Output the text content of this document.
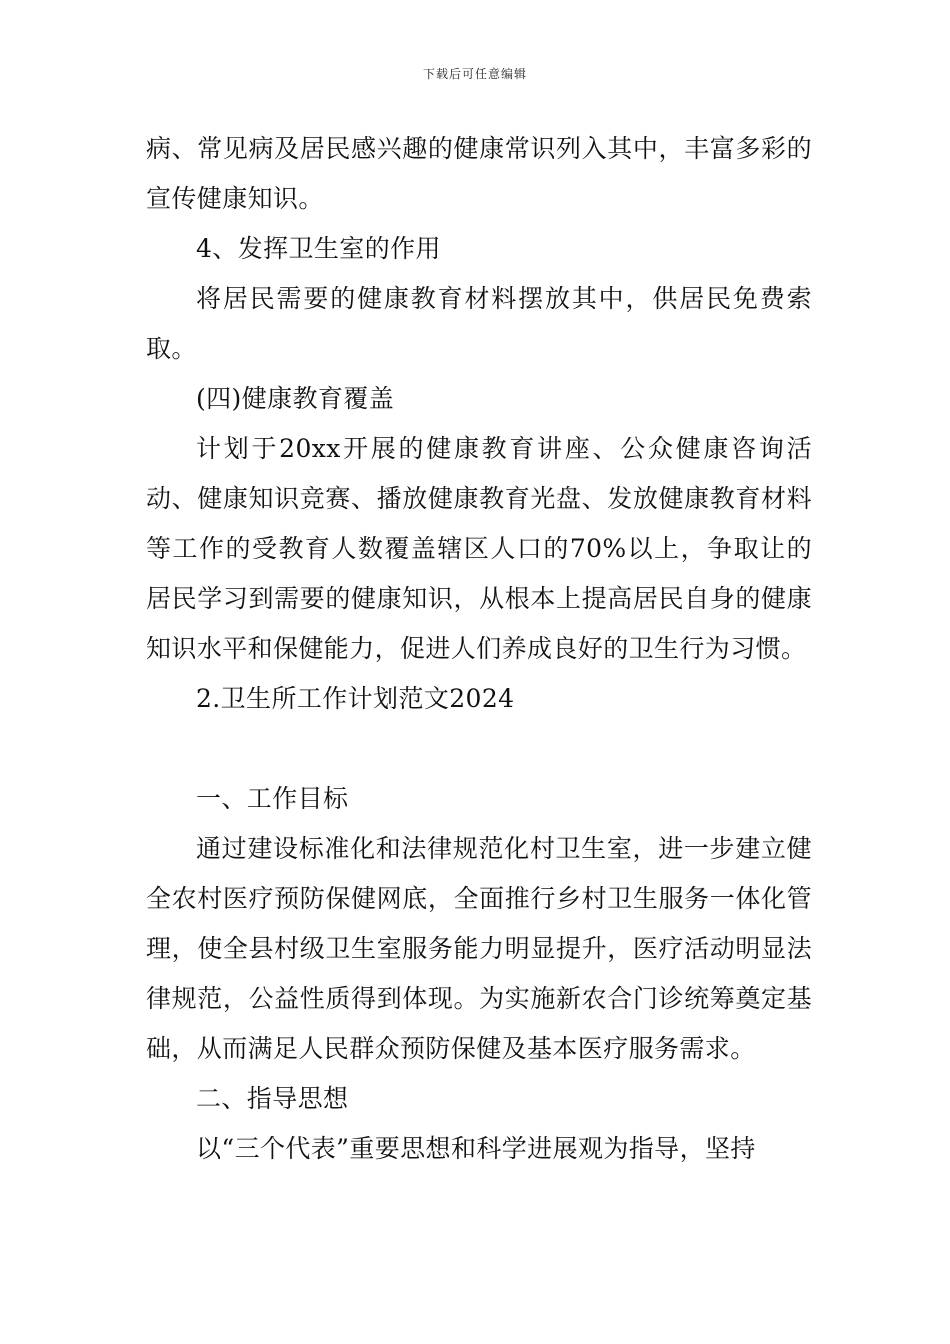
下载后可任意编辑

病、常见病及居民感兴趣的健康常识列入其中，丰富多彩的宣传健康知识。

4、发挥卫生室的作用

将居民需要的健康教育材料摆放其中，供居民免费索取。

(四)健康教育覆盖

计划于20xx开展的健康教育讲座、公众健康咨询活动、健康知识竞赛、播放健康教育光盘、发放健康教育材料等工作的受教育人数覆盖辖区人口的70%以上，争取让的居民学习到需要的健康知识，从根本上提高居民自身的健康知识水平和保健能力，促进人们养成良好的卫生行为习惯。

2.卫生所工作计划范文2024

一、工作目标

通过建设标准化和法律规范化村卫生室，进一步建立健全农村医疗预防保健网底，全面推行乡村卫生服务一体化管理，使全县村级卫生室服务能力明显提升，医疗活动明显法律规范，公益性质得到体现。为实施新农合门诊统筹奠定基础，从而满足人民群众预防保健及基本医疗服务需求。

二、指导思想

以“三个代表”重要思想和科学进展观为指导，坚持
